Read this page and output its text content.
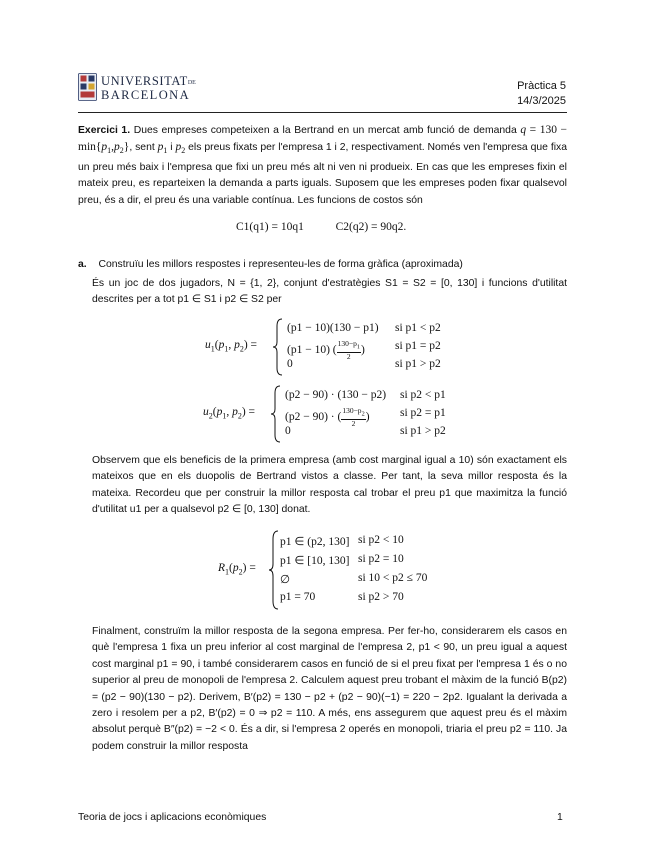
UNIVERSITATDE
BARCELONA
Pràctica 5
14/3/2025
Exercici 1. Dues empreses competeixen a la Bertrand en un mercat amb funció de demanda $q = 130 - \min\{p_1,p_2\}$, sent $p_1$ i $p_2$ els preus fixats per l'empresa 1 i 2, respectivament. Només ven l'empresa que fixa un preu més baix i l'empresa que fixi un preu més alt ni ven ni produeix. En cas que les empreses fixin el mateix preu, es reparteixen la demanda a parts iguals. Suposem que les empreses poden fixar qualsevol preu, és a dir, el preu és una variable contínua. Les funcions de costos són
C1(q1) = 10q1	C2(q2) = 90q2.
a. Construïu les millors respostes i representeu-les de forma gràfica (aproximada)
És un joc de dos jugadors, N = {1, 2}, conjunt d'estratègies S1 = S2 = [0, 130] i funcions d'utilitat descrites per a tot p1 ∈ S1 i p2 ∈ S2 per
$u_1(p_1$, $p_2$) =
(p1 − 10)(130 − p1) si p1 < p2
(p1 − 10) ( $\frac{130-p_1}{2}$ )	si p1 = p2
0	si p1 > p2
$u_2(p_1$, $p_2$) =
(p2 − 90) · (130 − p2) si p2 < p1
(p2 − 90) · ( $\frac{130-p_2}{2}$ )	si p2 = p1
0	si p1 > p2
Observem que els beneficis de la primera empresa (amb cost marginal igual a 10) són exactament els mateixos que en els duopolis de Bertrand vistos a classe. Per tant, la seva millor resposta és la mateixa. Recordeu que per construir la millor resposta cal trobar el preu p1 que maximitza la funció d'utilitat u1 per a qualsevol p2 ∈ [0, 130] donat.
$R_1(p_2)$ =
p1 ∈ (p2, 130] si p2 < 10
p1 ∈ [10, 130] si p2 = 10
∅	si 10 < p2 ≤ 70
p1 = 70	si p2 > 70
Finalment, construïm la millor resposta de la segona empresa. Per fer-ho, considerarem els casos en què l'empresa 1 fixa un preu inferior al cost marginal de l'empresa 2, p1 < 90, un preu igual a aquest cost marginal p1 = 90, i també considerarem casos en funció de si el preu fixat per l'empresa 1 és o no superior al preu de monopoli de l'empresa 2. Calculem aquest preu trobant el màxim de la funció B(p2) = (p2 − 90)(130 − p2). Derivem, B′(p2) = 130 − p2 + (p2 − 90)(−1) = 220 − 2p2. Igualant la derivada a zero i resolem per a p2, B′(p2) = 0 ⇒ p2 = 110. A més, ens assegurem que aquest preu és el màxim absolut perquè B″(p2) = −2 < 0. És a dir, si l'empresa 2 operés en monopoli, triaria el preu p2 = 110. Ja podem construir la millor resposta
Teoria de jocs i aplicacions econòmiques	1
